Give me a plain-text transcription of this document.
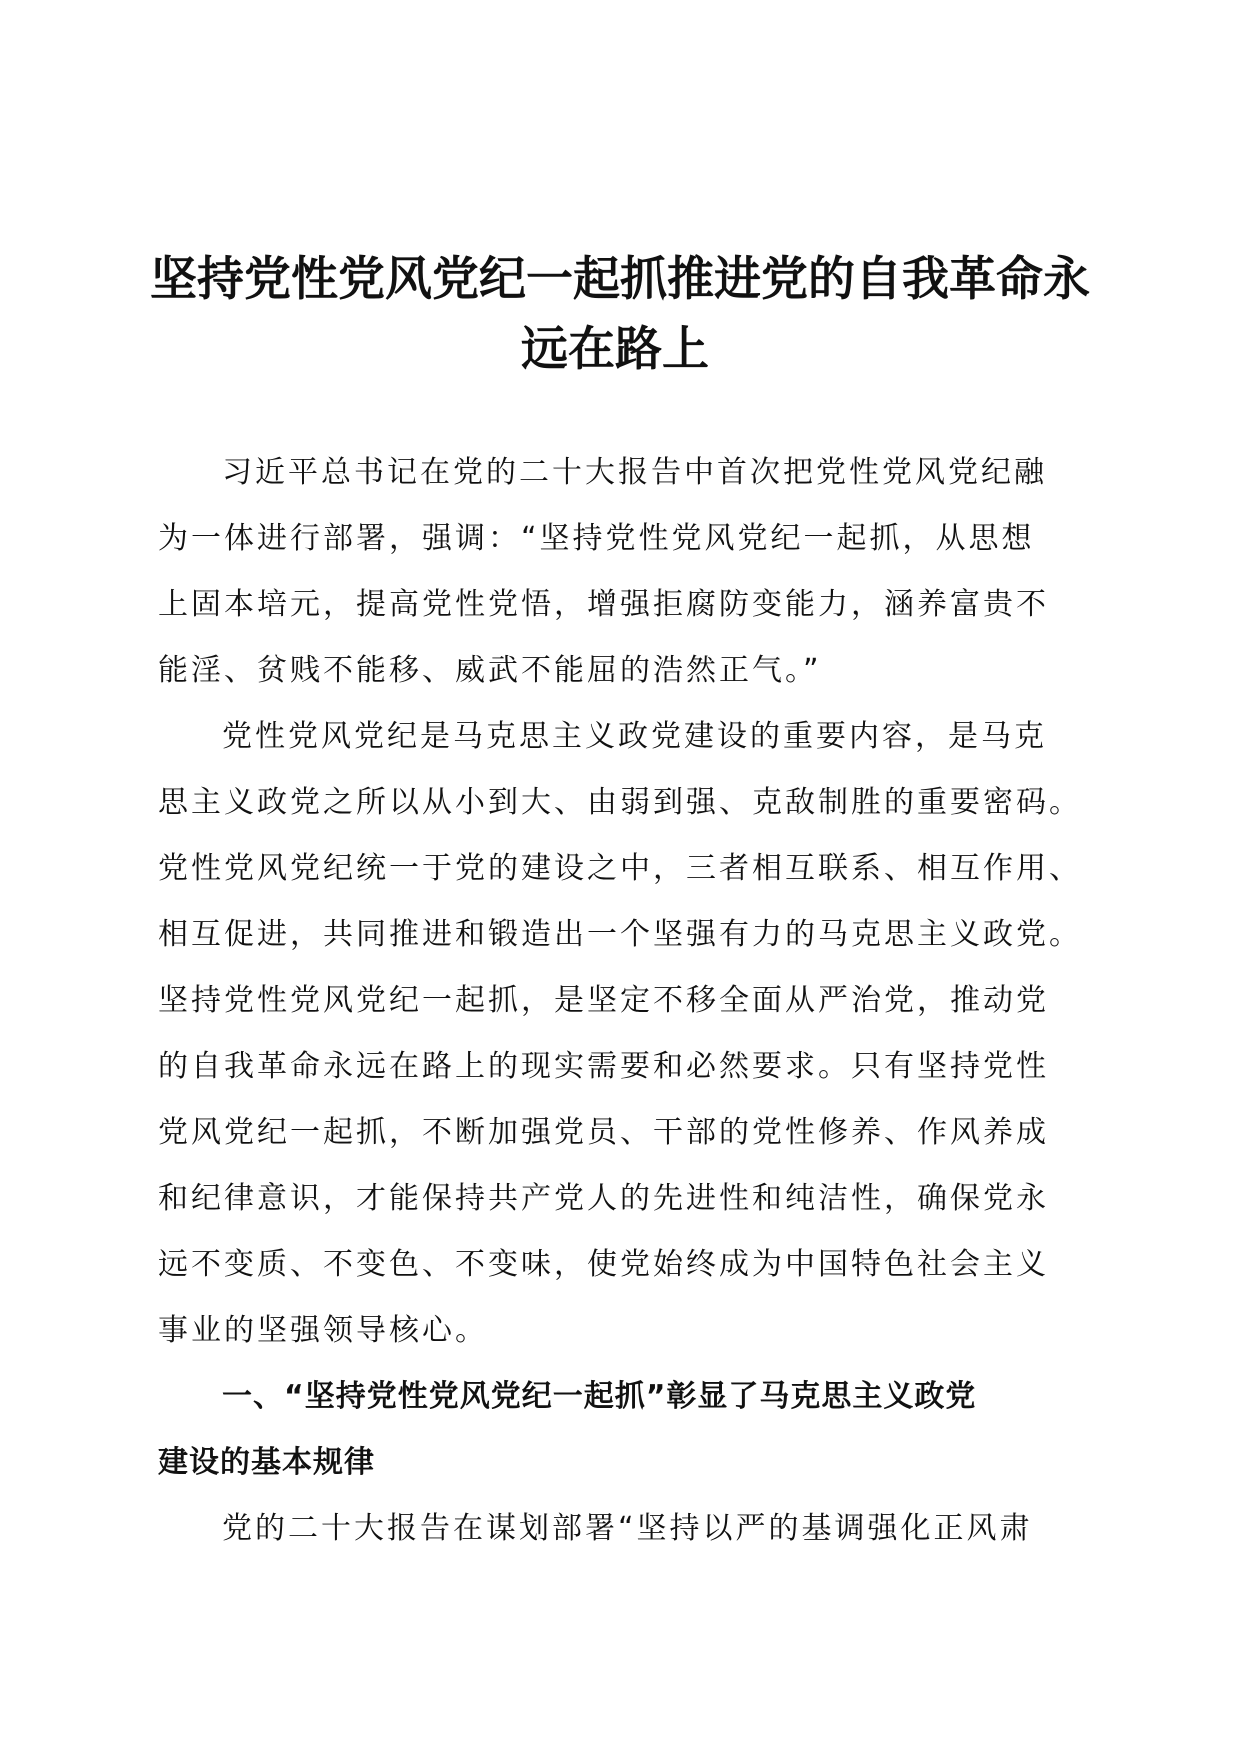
坚持党性党风党纪一起抓推进党的自我革命永
远在路上
习近平总书记在党的二十大报告中首次把党性党风党纪融
为一体进行部署，强调：“坚持党性党风党纪一起抓，从思想
上固本培元，提高党性党悟，增强拒腐防变能力，涵养富贵不
能淫、贫贱不能移、威武不能屈的浩然正气。”
党性党风党纪是马克思主义政党建设的重要内容，是马克
思主义政党之所以从小到大、由弱到强、克敌制胜的重要密码。
党性党风党纪统一于党的建设之中，三者相互联系、相互作用、
相互促进，共同推进和锻造出一个坚强有力的马克思主义政党。
坚持党性党风党纪一起抓，是坚定不移全面从严治党，推动党
的自我革命永远在路上的现实需要和必然要求。只有坚持党性
党风党纪一起抓，不断加强党员、干部的党性修养、作风养成
和纪律意识，才能保持共产党人的先进性和纯洁性，确保党永
远不变质、不变色、不变味，使党始终成为中国特色社会主义
事业的坚强领导核心。
一、“坚持党性党风党纪一起抓”彰显了马克思主义政党
建设的基本规律
党的二十大报告在谋划部署“坚持以严的基调强化正风肃
